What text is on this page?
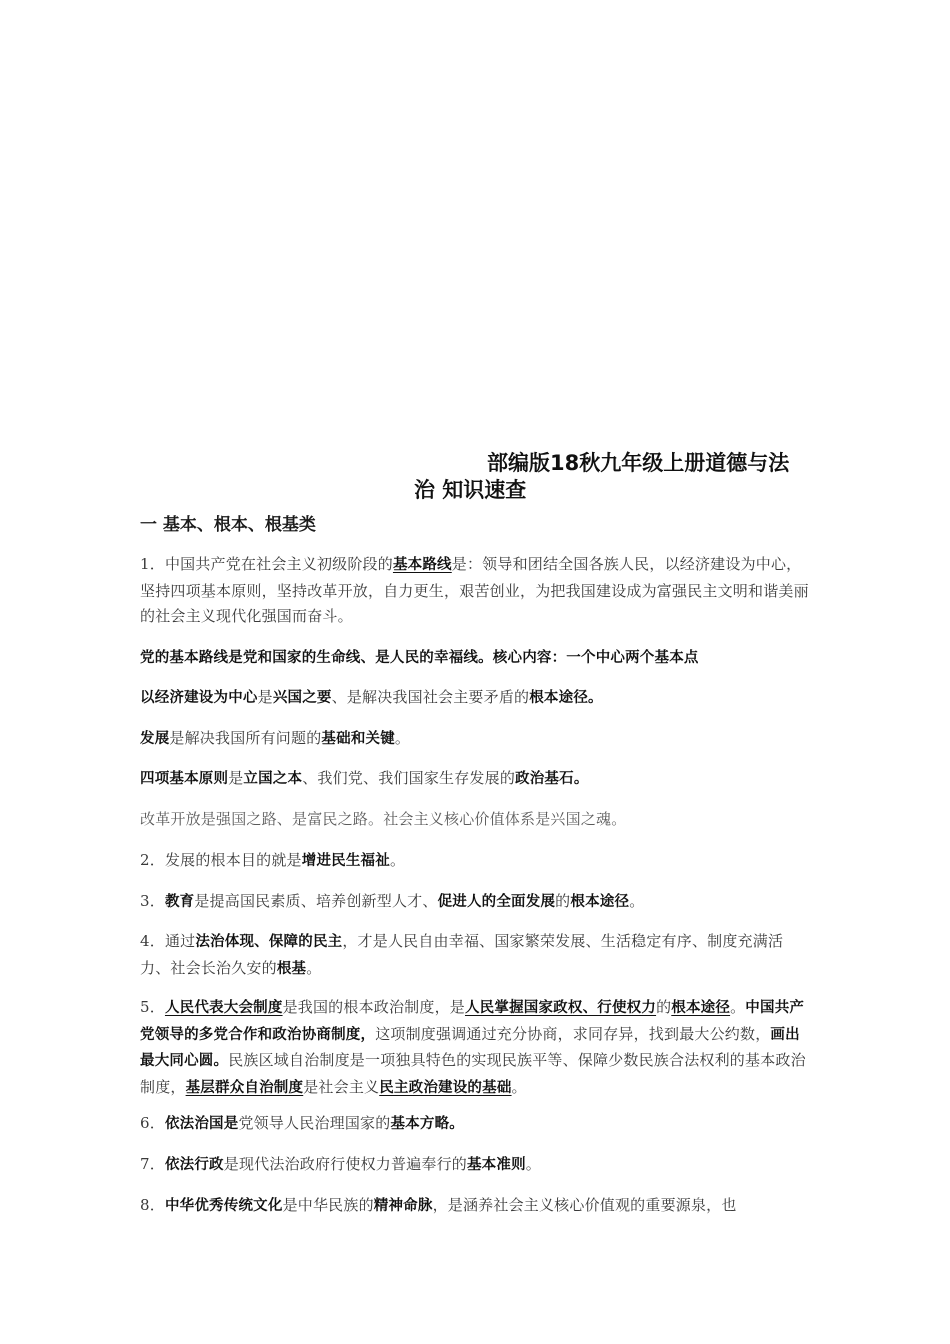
部编版18秋九年级上册道德与法
治 知识速查
一 基本、根本、根基类
1．中国共产党在社会主义初级阶段的基本路线是：领导和团结全国各族人民，以经济建设为中心，坚持四项基本原则，坚持改革开放，自力更生，艰苦创业，为把我国建设成为富强民主文明和谐美丽的社会主义现代化强国而奋斗。
党的基本路线是党和国家的生命线、是人民的幸福线。核心内容：一个中心两个基本点
以经济建设为中心是兴国之要、是解决我国社会主要矛盾的根本途径。
发展是解决我国所有问题的基础和关键。
四项基本原则是立国之本、我们党、我们国家生存发展的政治基石。
改革开放是强国之路、是富民之路。社会主义核心价值体系是兴国之魂。
2．发展的根本目的就是增进民生福祉。
3．教育是提高国民素质、培养创新型人才、促进人的全面发展的根本途径。
4．通过法治体现、保障的民主，才是人民自由幸福、国家繁荣发展、生活稳定有序、制度充满活力、社会长治久安的根基。
5．人民代表大会制度是我国的根本政治制度，是人民掌握国家政权、行使权力的根本途径。中国共产党领导的多党合作和政治协商制度，这项制度强调通过充分协商，求同存异，找到最大公约数，画出最大同心圆。民族区域自治制度是一项独具特色的实现民族平等、保障少数民族合法权利的基本政治制度，基层群众自治制度是社会主义民主政治建设的基础。
6．依法治国是党领导人民治理国家的基本方略。
7．依法行政是现代法治政府行使权力普遍奉行的基本准则。
8．中华优秀传统文化是中华民族的精神命脉，是涵养社会主义核心价值观的重要源泉，也
